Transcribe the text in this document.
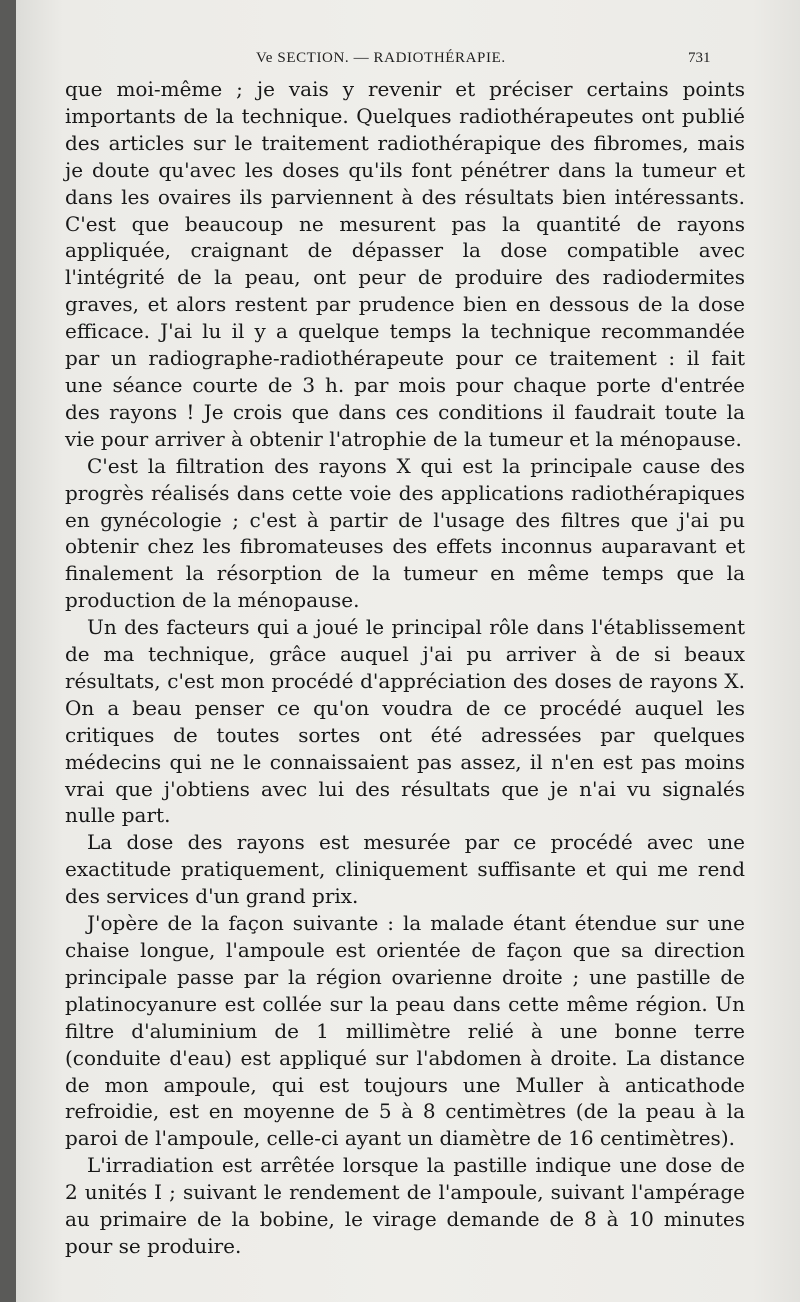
Ve SECTION. — RADIOTHÉRAPIE.	731

que moi-même ; je vais y revenir et préciser certains points importants de la technique. Quelques radiothérapeutes ont publié des articles sur le traitement radiothérapique des fibromes, mais je doute qu'avec les doses qu'ils font pénétrer dans la tumeur et dans les ovaires ils parviennent à des résultats bien intéressants. C'est que beaucoup ne mesurent pas la quantité de rayons appliquée, craignant de dépasser la dose compatible avec l'intégrité de la peau, ont peur de produire des radiodermites graves, et alors restent par prudence bien en dessous de la dose efficace. J'ai lu il y a quelque temps la technique recommandée par un radiographe-radiothérapeute pour ce traitement : il fait une séance courte de 3 h. par mois pour chaque porte d'entrée des rayons ! Je crois que dans ces conditions il faudrait toute la vie pour arriver à obtenir l'atrophie de la tumeur et la ménopause.

C'est la filtration des rayons X qui est la principale cause des progrès réalisés dans cette voie des applications radiothérapiques en gynécologie ; c'est à partir de l'usage des filtres que j'ai pu obtenir chez les fibromateuses des effets inconnus auparavant et finalement la résorption de la tumeur en même temps que la production de la ménopause.

Un des facteurs qui a joué le principal rôle dans l'établissement de ma technique, grâce auquel j'ai pu arriver à de si beaux résultats, c'est mon procédé d'appréciation des doses de rayons X. On a beau penser ce qu'on voudra de ce procédé auquel les critiques de toutes sortes ont été adressées par quelques médecins qui ne le connaissaient pas assez, il n'en est pas moins vrai que j'obtiens avec lui des résultats que je n'ai vu signalés nulle part.

La dose des rayons est mesurée par ce procédé avec une exactitude pratiquement, cliniquement suffisante et qui me rend des services d'un grand prix.

J'opère de la façon suivante : la malade étant étendue sur une chaise longue, l'ampoule est orientée de façon que sa direction principale passe par la région ovarienne droite ; une pastille de platinocyanure est collée sur la peau dans cette même région. Un filtre d'aluminium de 1 millimètre relié à une bonne terre (conduite d'eau) est appliqué sur l'abdomen à droite. La distance de mon ampoule, qui est toujours une Muller à anticathode refroidie, est en moyenne de 5 à 8 centimètres (de la peau à la paroi de l'ampoule, celle-ci ayant un diamètre de 16 centimètres).

L'irradiation est arrêtée lorsque la pastille indique une dose de 2 unités I ; suivant le rendement de l'ampoule, suivant l'ampérage au primaire de la bobine, le virage demande de 8 à 10 minutes pour se produire.
